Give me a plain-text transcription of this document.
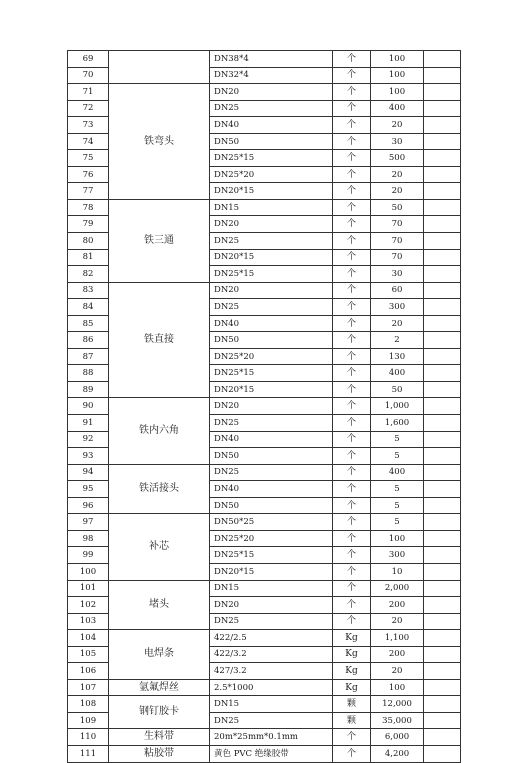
69		DN38*4	个	100	
70		DN32*4	个	100	
71	铁弯头	DN20	个	100	
72		DN25	个	400	
73		DN40	个	20	
74		DN50	个	30	
75		DN25*15	个	500	
76		DN25*20	个	20	
77		DN20*15	个	20	
78	铁三通	DN15	个	50	
79		DN20	个	70	
80		DN25	个	70	
81		DN20*15	个	70	
82		DN25*15	个	30	
83	铁直接	DN20	个	60	
84		DN25	个	300	
85		DN40	个	20	
86		DN50	个	2	
87		DN25*20	个	130	
88		DN25*15	个	400	
89		DN20*15	个	50	
90	铁内六角	DN20	个	1,000	
91		DN25	个	1,600	
92		DN40	个	5	
93		DN50	个	5	
94	铁活接头	DN25	个	400	
95		DN40	个	5	
96		DN50	个	5	
97	补芯	DN50*25	个	5	
98		DN25*20	个	100	
99		DN25*15	个	300	
100		DN20*15	个	10	
101	堵头	DN15	个	2,000	
102		DN20	个	200	
103		DN25	个	20	
104	电焊条	422/2.5	Kg	1,100	
105		422/3.2	Kg	200	
106		427/3.2	Kg	20	
107	氩氟焊丝	2.5*1000	Kg	100	
108	钢钉胶卡	DN15	颗	12,000	
109		DN25	颗	35,000	
110	生料带	20m*25mm*0.1mm	个	6,000	
111	粘胶带	黄色 PVC 绝缘胶带	个	4,200	
